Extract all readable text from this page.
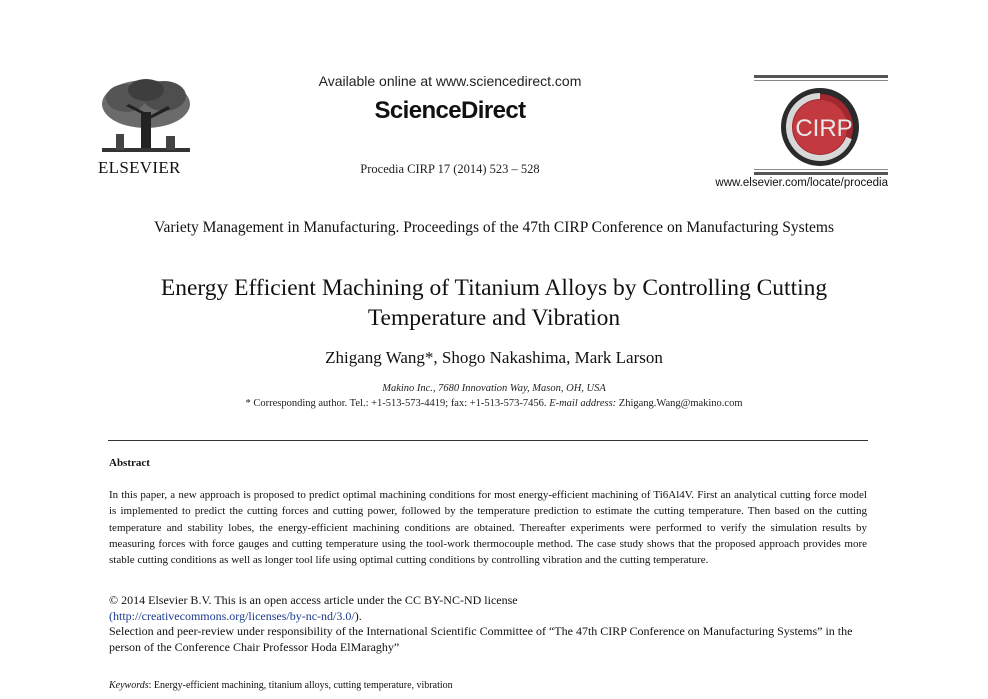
ELSEVIER
Available online at www.sciencedirect.com
ScienceDirect
Procedia CIRP 17 (2014) 523 – 528
CIRP
www.elsevier.com/locate/procedia
Variety Management in Manufacturing. Proceedings of the 47th CIRP Conference on Manufacturing Systems
Energy Efficient Machining of Titanium Alloys by Controlling Cutting Temperature and Vibration
Zhigang Wang*, Shogo Nakashima, Mark Larson
Makino Inc., 7680 Innovation Way, Mason, OH, USA
* Corresponding author. Tel.: +1-513-573-4419; fax: +1-513-573-7456. E-mail address: Zhigang.Wang@makino.com
Abstract
In this paper, a new approach is proposed to predict optimal machining conditions for most energy-efficient machining of Ti6Al4V. First an analytical cutting force model is implemented to predict the cutting forces and cutting power, followed by the temperature prediction to estimate the cutting temperature. Then based on the cutting temperature and stability lobes, the energy-efficient machining conditions are obtained. Thereafter experiments were performed to verify the simulation results by measuring forces with force gauges and cutting temperature using the tool-work thermocouple method. The case study shows that the proposed approach provides more stable cutting conditions as well as longer tool life using optimal cutting conditions by controlling vibration and the cutting temperature.
© 2014 Elsevier B.V. This is an open access article under the CC BY-NC-ND license
(http://creativecommons.org/licenses/by-nc-nd/3.0/).
Selection and peer-review under responsibility of the International Scientific Committee of “The 47th CIRP Conference on Manufacturing Systems” in the person of the Conference Chair Professor Hoda ElMaraghy”
Keywords: Energy-efficient machining, titanium alloys, cutting temperature, vibration
